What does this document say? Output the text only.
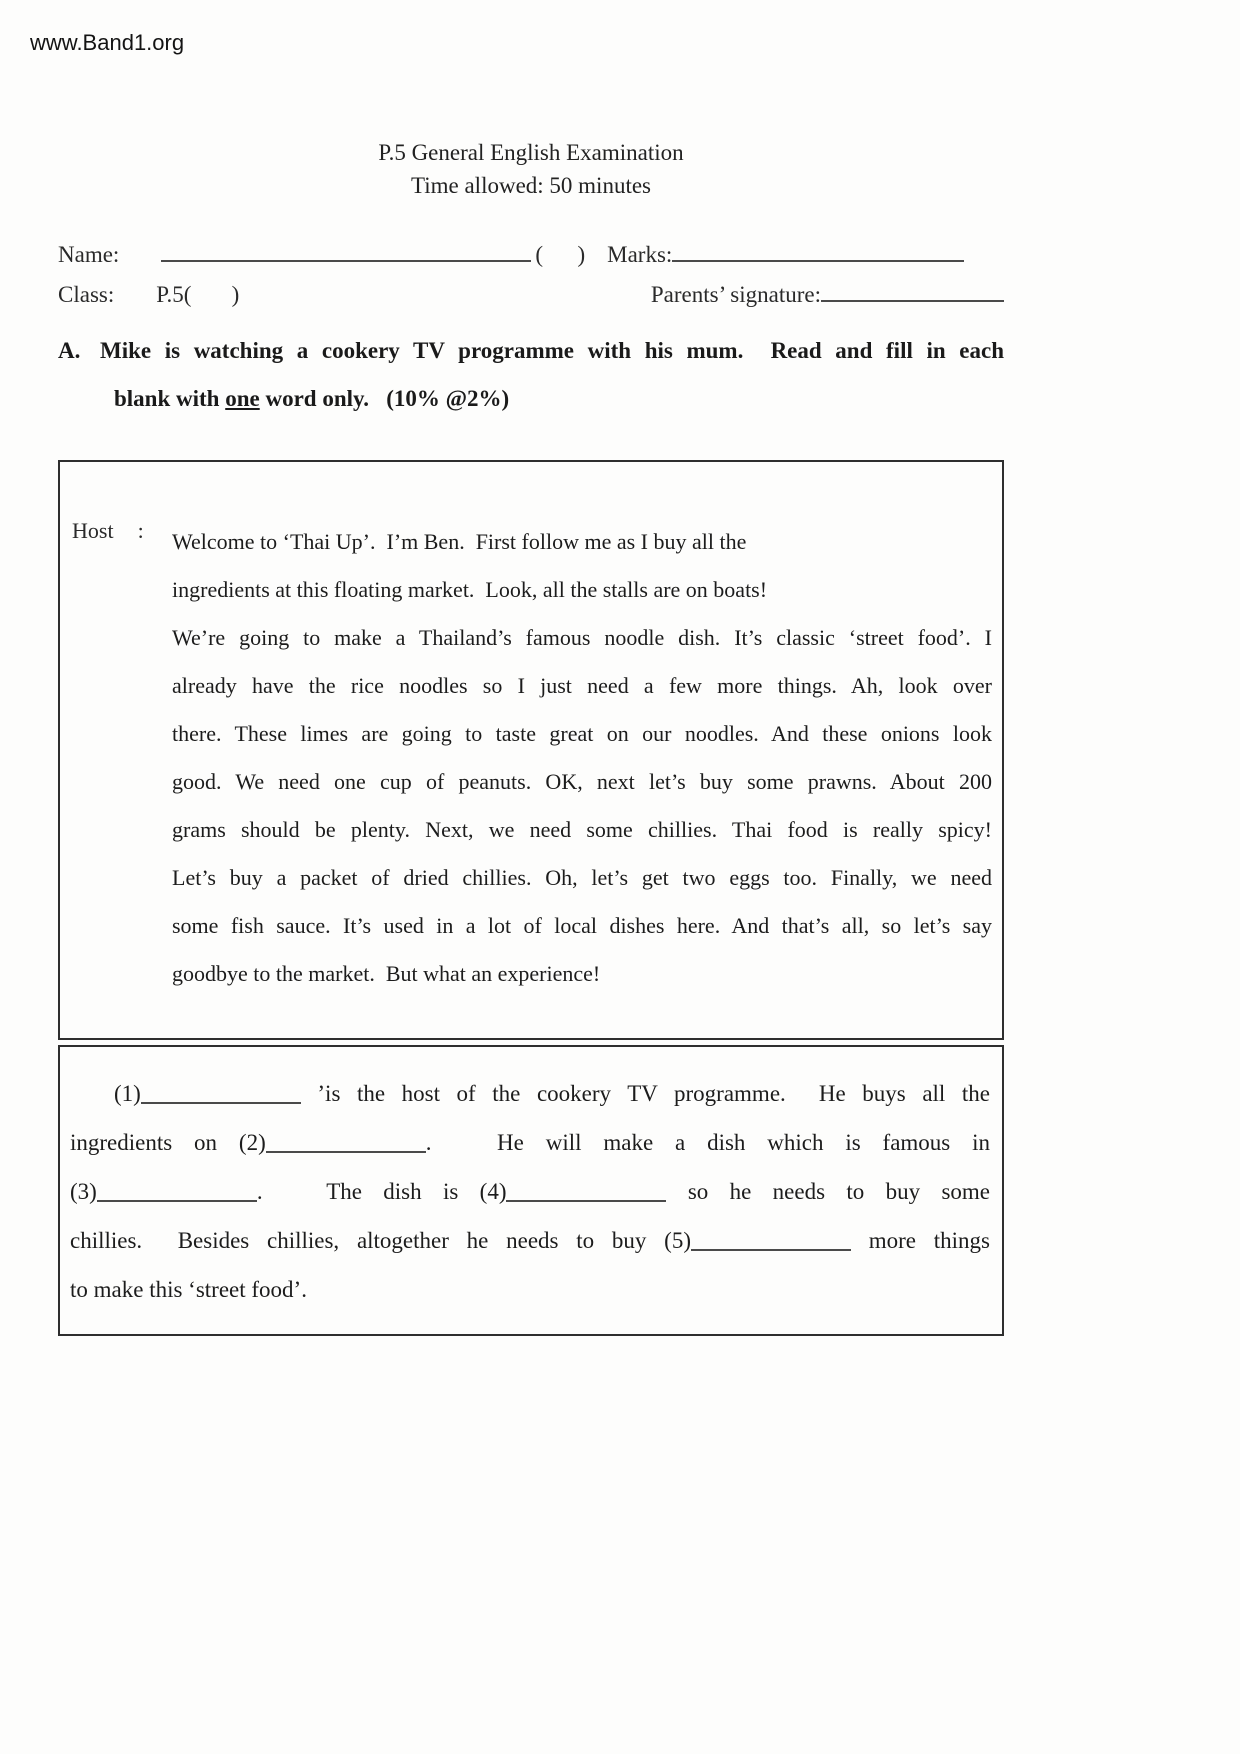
www.Band1.org
P.5 General English Examination
Time allowed: 50 minutes
Name:	(      ) Marks:
Class: P.5(       )	Parents’ signature:
A. Mike is watching a cookery TV programme with his mum.  Read and fill in each

blank with one word only.   (10% @2%)

Host :	Welcome to ‘Thai Up’.  I’m Ben.  First follow me as I buy all the

ingredients at this floating market.  Look, all the stalls are on boats!

We’re going to make a Thailand’s famous noodle dish. It’s classic ‘street food’. I

already have the rice noodles so I just need a few more things. Ah, look over

there. These limes are going to taste great on our noodles. And these onions look

good. We need one cup of peanuts. OK, next let’s buy some prawns. About 200

grams should be plenty. Next, we need some chillies. Thai food is really spicy!

Let’s buy a packet of dried chillies. Oh, let’s get two eggs too. Finally, we need

some fish sauce. It’s used in a lot of local dishes here. And that’s all, so let’s say

goodbye to the market.  But what an experience!

(1)	’is the host of the cookery TV programme.  He buys all the

ingredients on (2)	.   He will make a dish which is famous in

(3)	.   The dish is (4)	so he needs to buy some

chillies.  Besides chillies, altogether he needs to buy (5)	more things

to make this ‘street food’.
